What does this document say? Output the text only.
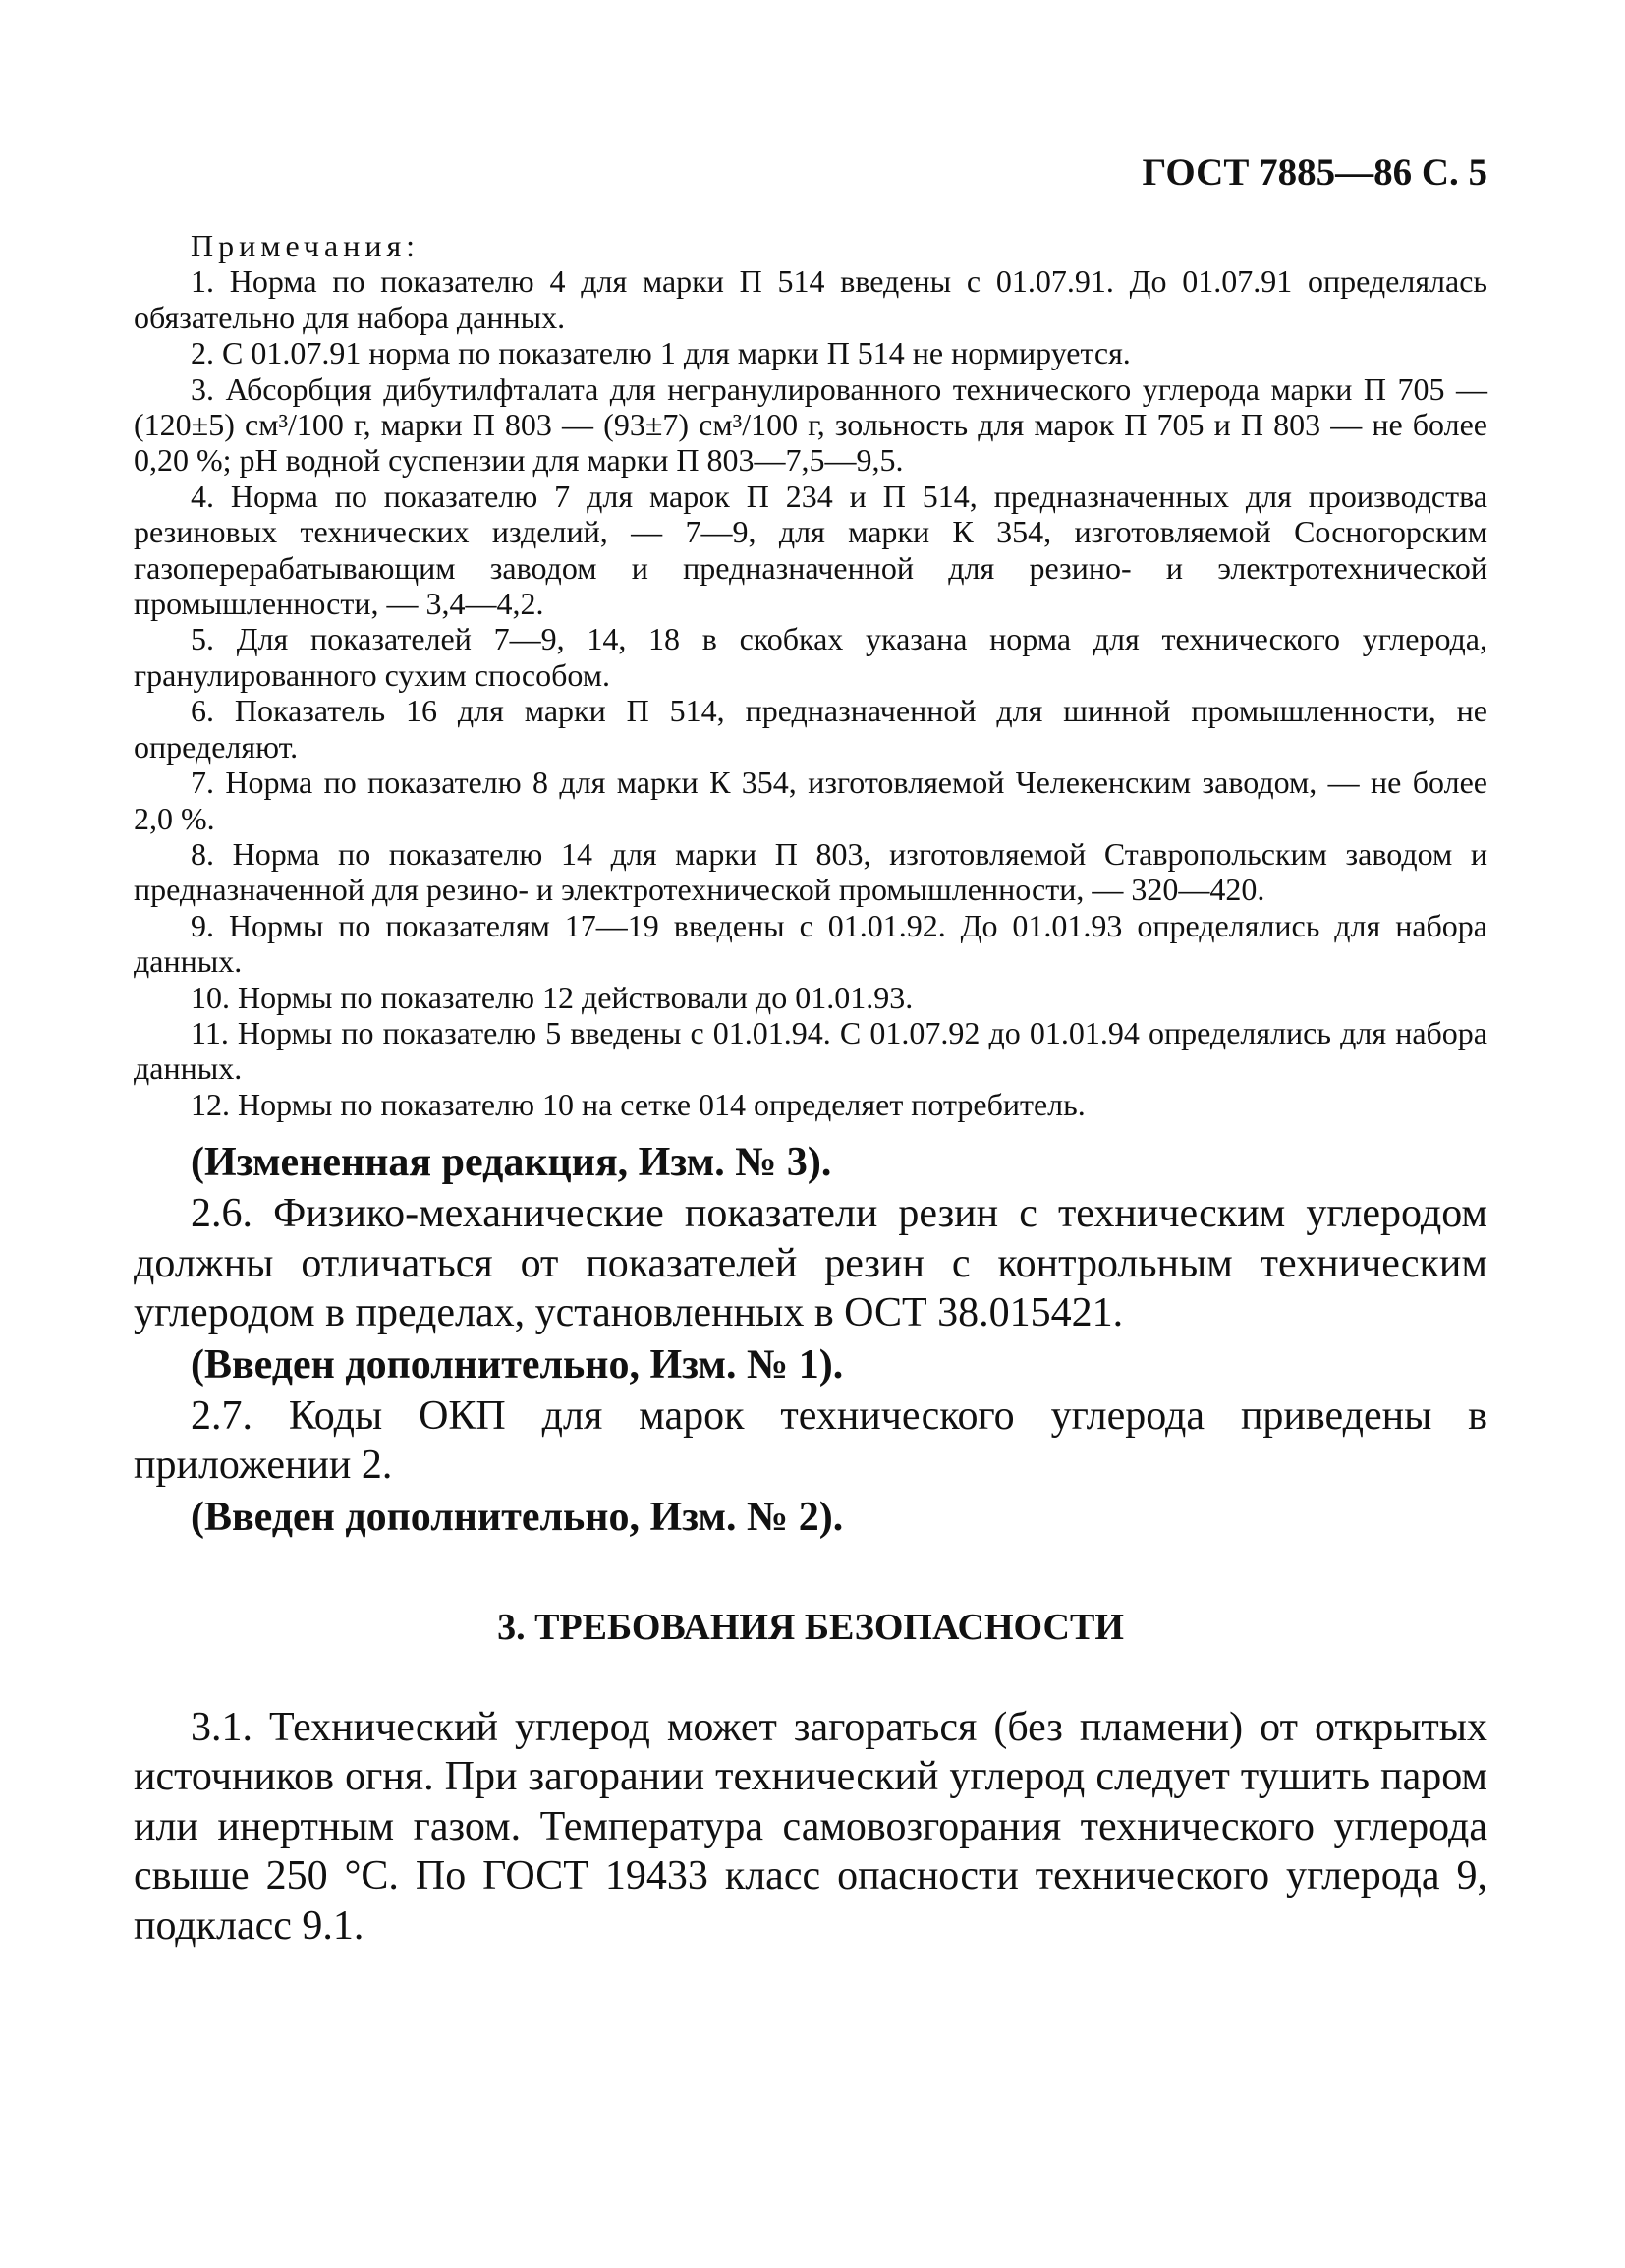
ГОСТ 7885—86 С. 5

Примечания:

1. Норма по показателю 4 для марки П 514 введены с 01.07.91. До 01.07.91 определялась обязательно для набора данных.

2. С 01.07.91 норма по показателю 1 для марки П 514 не нормируется.

3. Абсорбция дибутилфталата для негранулированного технического углерода марки П 705 — (120±5) см³/100 г, марки П 803 — (93±7) см³/100 г, зольность для марок П 705 и П 803 — не более 0,20 %; рН водной суспензии для марки П 803—7,5—9,5.

4. Норма по показателю 7 для марок П 234 и П 514, предназначенных для производства резиновых технических изделий, — 7—9, для марки К 354, изготовляемой Сосногорским газоперерабатывающим заводом и предназначенной для резино- и электротехнической промышленности, — 3,4—4,2.

5. Для показателей 7—9, 14, 18 в скобках указана норма для технического углерода, гранулированного сухим способом.

6. Показатель 16 для марки П 514, предназначенной для шинной промышленности, не определяют.

7. Норма по показателю 8 для марки К 354, изготовляемой Челекенским заводом, — не более 2,0 %.

8. Норма по показателю 14 для марки П 803, изготовляемой Ставропольским заводом и предназначенной для резино- и электротехнической промышленности, — 320—420.

9. Нормы по показателям 17—19 введены с 01.01.92. До 01.01.93 определялись для набора данных.

10. Нормы по показателю 12 действовали до 01.01.93.

11. Нормы по показателю 5 введены с 01.01.94. С 01.07.92 до 01.01.94 определялись для набора данных.

12. Нормы по показателю 10 на сетке 014 определяет потребитель.

(Измененная редакция, Изм. № 3).

2.6. Физико-механические показатели резин с техническим углеродом должны отличаться от показателей резин с контрольным техническим углеродом в пределах, установленных в ОСТ 38.015421.

(Введен дополнительно, Изм. № 1).

2.7. Коды ОКП для марок технического углерода приведены в приложении 2.

(Введен дополнительно, Изм. № 2).

3. ТРЕБОВАНИЯ БЕЗОПАСНОСТИ

3.1. Технический углерод может загораться (без пламени) от открытых источников огня. При загорании технический углерод следует тушить паром или инертным газом. Температура самовозгорания технического углерода свыше 250 °С. По ГОСТ 19433 класс опасности технического углерода 9, подкласс 9.1.
